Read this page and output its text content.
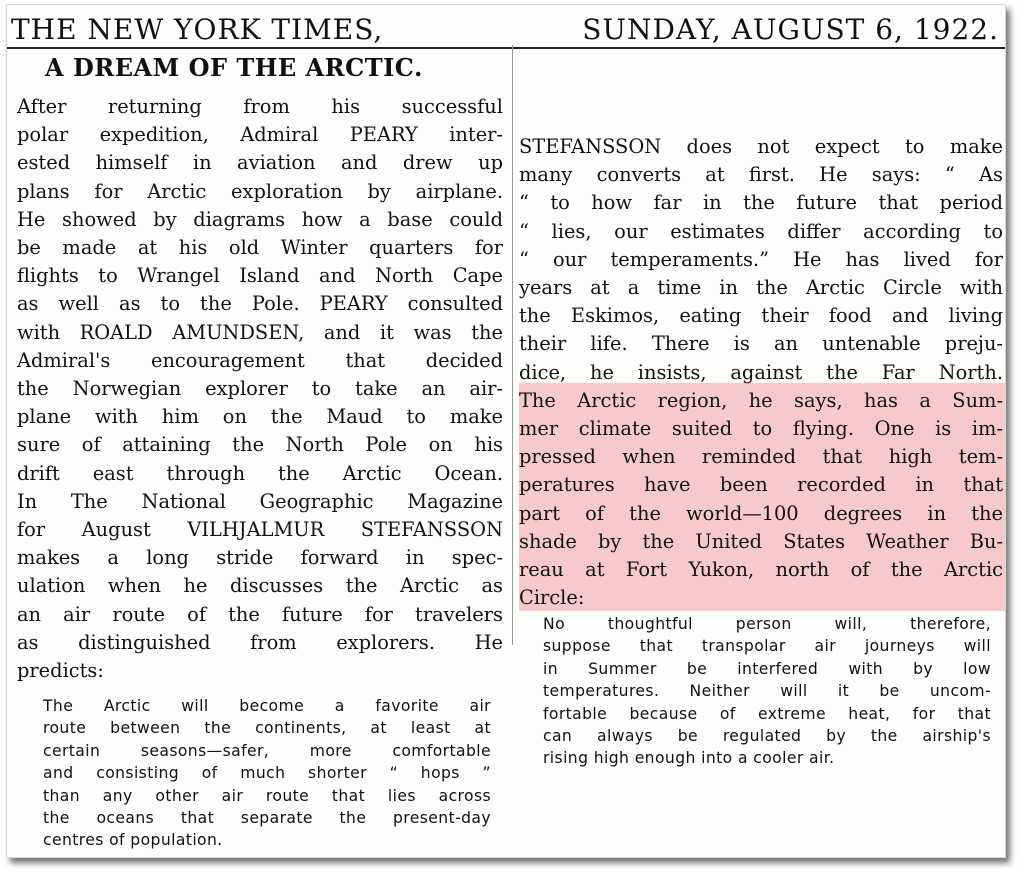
THE NEW YORK TIMES,	SUNDAY, AUGUST 6, 1922.
A DREAM OF THE ARCTIC.
After returning from his successful
polar expedition, Admiral PEARY inter-
ested himself in aviation and drew up
plans for Arctic exploration by airplane.
He showed by diagrams how a base could
be made at his old Winter quarters for
flights to Wrangel Island and North Cape
as well as to the Pole. PEARY consulted
with ROALD AMUNDSEN, and it was the
Admiral's encouragement that decided
the Norwegian explorer to take an air-
plane with him on the Maud to make
sure of attaining the North Pole on his
drift east through the Arctic Ocean.
In The National Geographic Magazine
for August VILHJALMUR STEFANSSON
makes a long stride forward in spec-
ulation when he discusses the Arctic as
an air route of the future for travelers
as distinguished from explorers. He
predicts:
The Arctic will become a favorite air
route between the continents, at least at
certain seasons—safer, more comfortable
and consisting of much shorter “ hops ”
than any other air route that lies across
the oceans that separate the present-day
centres of population.
STEFANSSON does not expect to make
many converts at first. He says: “ As
“ to how far in the future that period
“ lies, our estimates differ according to
“ our temperaments.” He has lived for
years at a time in the Arctic Circle with
the Eskimos, eating their food and living
their life. There is an untenable preju-
dice, he insists, against the Far North.
The Arctic region, he says, has a Sum-
mer climate suited to flying. One is im-
pressed when reminded that high tem-
peratures have been recorded in that
part of the world—100 degrees in the
shade by the United States Weather Bu-
reau at Fort Yukon, north of the Arctic
Circle:
No thoughtful person will, therefore,
suppose that transpolar air journeys will
in Summer be interfered with by low
temperatures. Neither will it be uncom-
fortable because of extreme heat, for that
can always be regulated by the airship's
rising high enough into a cooler air.
